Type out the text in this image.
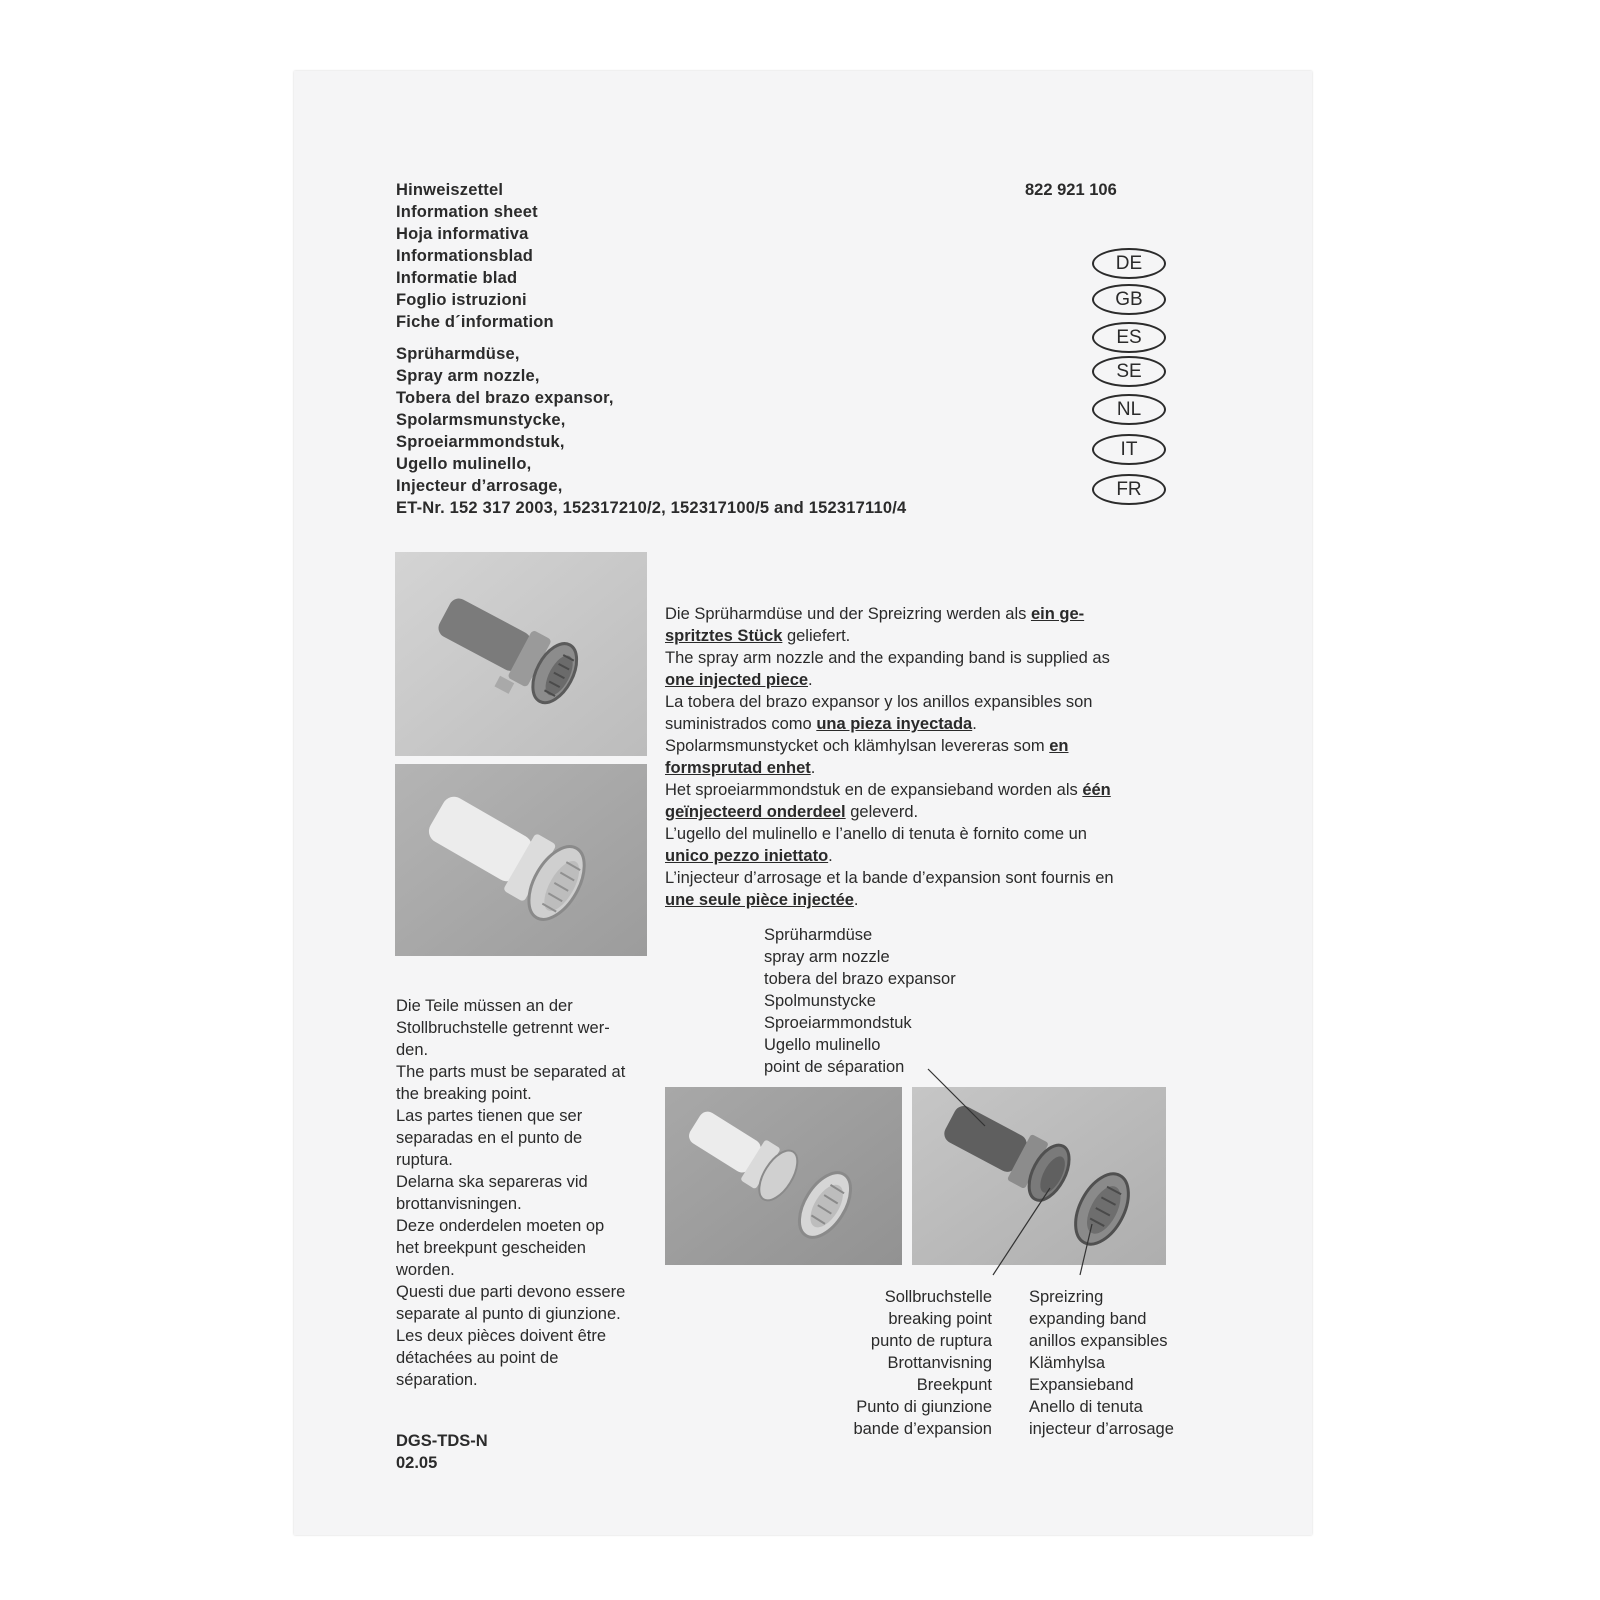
Hinweiszettel
Information sheet
Hoja informativa
Informationsblad
Informatie blad
Foglio istruzioni
Fiche d´information
822 921 106
Sprüharmdüse,
Spray arm nozzle,
Tobera del brazo expansor,
Spolarmsmunstycke,
Sproeiarmmondstuk,
Ugello mulinello,
Injecteur d’arrosage,
ET-Nr. 152 317 2003, 152317210/2, 152317100/5 and 152317110/4
DE
GB
ES
SE
NL
IT
FR
Die Sprüharmdüse und der Spreizring werden als ein ge-
spritztes Stück geliefert.
The spray arm nozzle and the expanding band is supplied as
one injected piece.
La tobera del brazo expansor y los anillos expansibles son
suministrados como una pieza inyectada.
Spolarmsmunstycket och klämhylsan levereras som en
formsprutad enhet.
Het sproeiarmmondstuk en de expansieband worden als één
geïnjecteerd onderdeel geleverd.
L’ugello del mulinello e l’anello di tenuta è fornito come un
unico pezzo iniettato.
L’injecteur d’arrosage et la bande d’expansion sont fournis en
une seule pièce injectée.
Sprüharmdüse
spray arm nozzle
tobera del brazo expansor
Spolmunstycke
Sproeiarmmondstuk
Ugello mulinello
point de séparation
Die Teile müssen an der
Stollbruchstelle getrennt wer-
den.
The parts must be separated at
the breaking point.
Las partes tienen que ser
separadas en el punto de
ruptura.
Delarna ska separeras vid
brottanvisningen.
Deze onderdelen moeten op
het breekpunt gescheiden
worden.
Questi due parti devono essere
separate al punto di giunzione.
Les deux pièces doivent être
détachées au point de
séparation.
Sollbruchstelle
breaking point
punto de ruptura
Brottanvisning
Breekpunt
Punto di giunzione
bande d’expansion
Spreizring
expanding band
anillos expansibles
Klämhylsa
Expansieband
Anello di tenuta
injecteur d’arrosage
DGS-TDS-N
02.05
